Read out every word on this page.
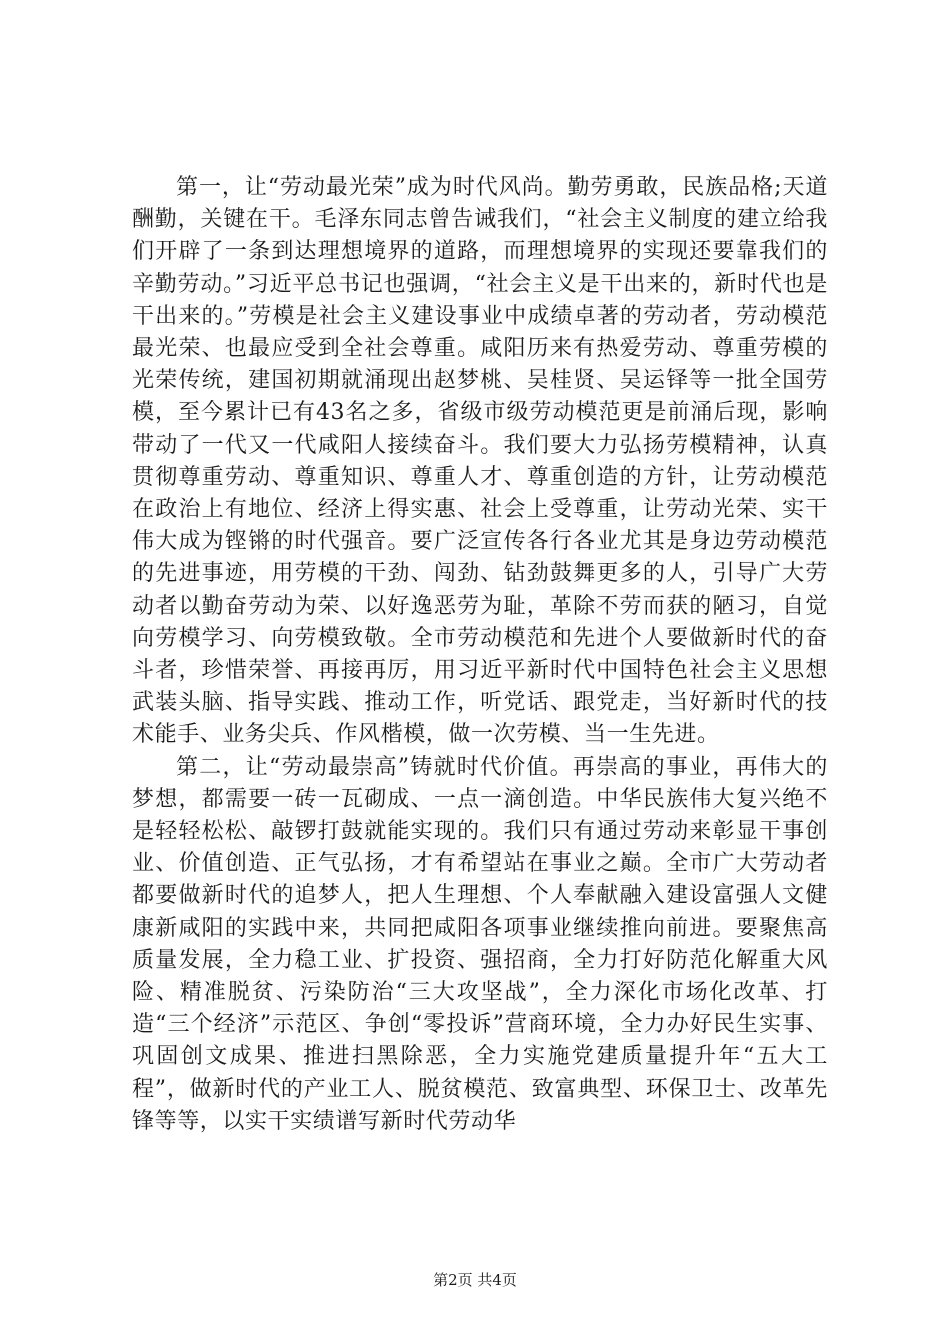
第一，让“劳动最光荣”成为时代风尚。勤劳勇敢，民族品格;天道酬勤，关键在干。毛泽东同志曾告诫我们，“社会主义制度的建立给我们开辟了一条到达理想境界的道路，而理想境界的实现还要靠我们的辛勤劳动。”习近平总书记也强调，“社会主义是干出来的，新时代也是干出来的。”劳模是社会主义建设事业中成绩卓著的劳动者，劳动模范最光荣、也最应受到全社会尊重。咸阳历来有热爱劳动、尊重劳模的光荣传统，建国初期就涌现出赵梦桃、吴桂贤、吴运铎等一批全国劳模，至今累计已有43名之多，省级市级劳动模范更是前涌后现，影响带动了一代又一代咸阳人接续奋斗。我们要大力弘扬劳模精神，认真贯彻尊重劳动、尊重知识、尊重人才、尊重创造的方针，让劳动模范在政治上有地位、经济上得实惠、社会上受尊重，让劳动光荣、实干伟大成为铿锵的时代强音。要广泛宣传各行各业尤其是身边劳动模范的先进事迹，用劳模的干劲、闯劲、钻劲鼓舞更多的人，引导广大劳动者以勤奋劳动为荣、以好逸恶劳为耻，革除不劳而获的陋习，自觉向劳模学习、向劳模致敬。全市劳动模范和先进个人要做新时代的奋斗者，珍惜荣誉、再接再厉，用习近平新时代中国特色社会主义思想武装头脑、指导实践、推动工作，听党话、跟党走，当好新时代的技术能手、业务尖兵、作风楷模，做一次劳模、当一生先进。

第二，让“劳动最崇高”铸就时代价值。再崇高的事业，再伟大的梦想，都需要一砖一瓦砌成、一点一滴创造。中华民族伟大复兴绝不是轻轻松松、敲锣打鼓就能实现的。我们只有通过劳动来彰显干事创业、价值创造、正气弘扬，才有希望站在事业之巅。全市广大劳动者都要做新时代的追梦人，把人生理想、个人奉献融入建设富强人文健康新咸阳的实践中来，共同把咸阳各项事业继续推向前进。要聚焦高质量发展，全力稳工业、扩投资、强招商，全力打好防范化解重大风险、精准脱贫、污染防治“三大攻坚战”，全力深化市场化改革、打造“三个经济”示范区、争创“零投诉”营商环境，全力办好民生实事、巩固创文成果、推进扫黑除恶，全力实施党建质量提升年“五大工程”，做新时代的产业工人、脱贫模范、致富典型、环保卫士、改革先锋等等，以实干实绩谱写新时代劳动华

第2页 共4页
